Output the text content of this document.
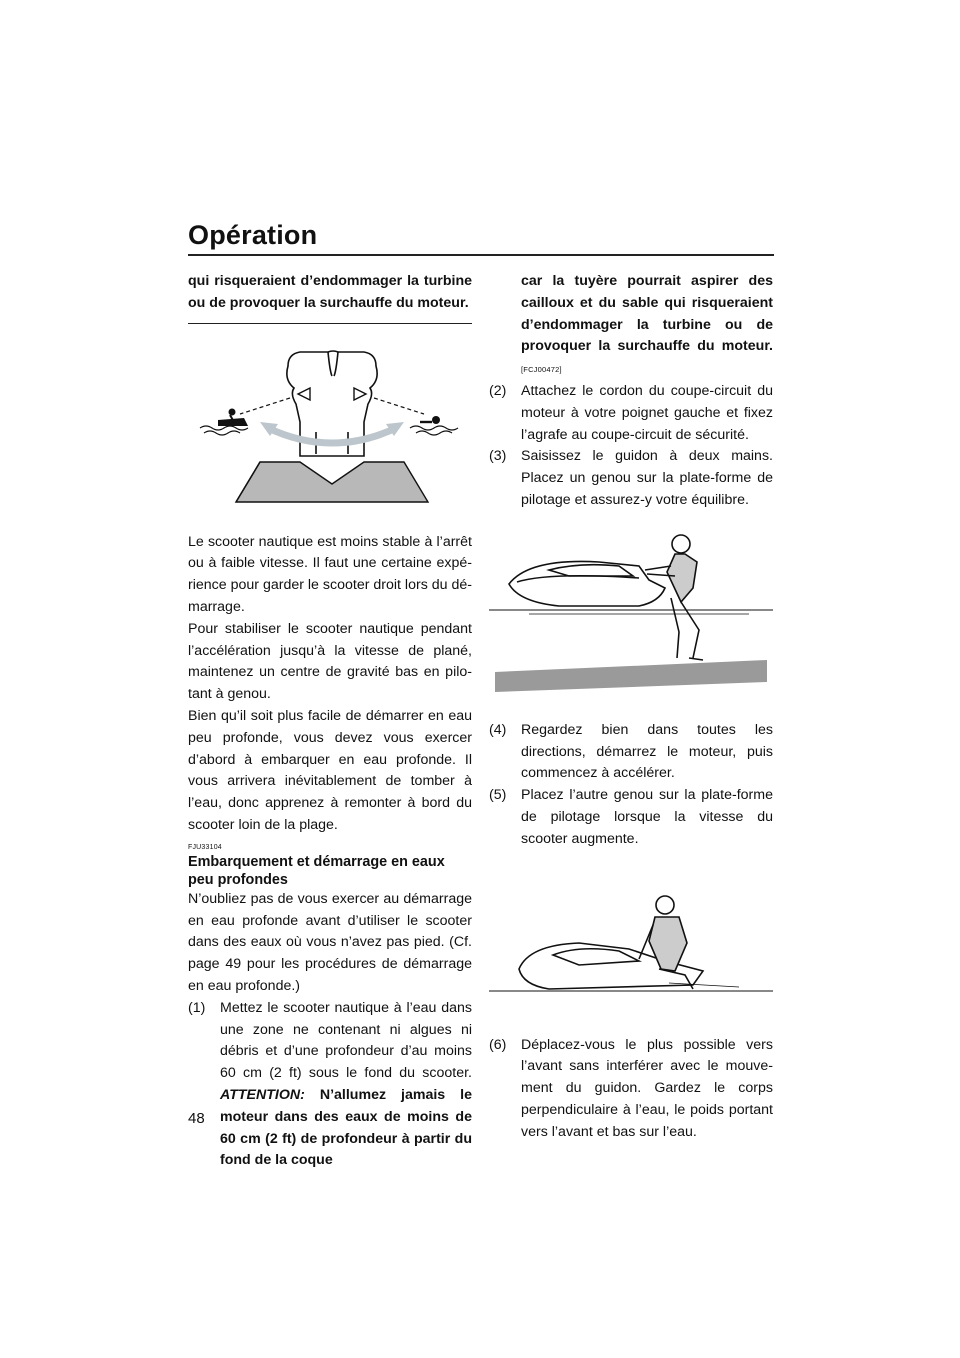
Opération

qui risqueraient d’endommager la turbine ou de provoquer la surchauffe du moteur.

Le scooter nautique est moins stable à l’arrêt ou à faible vitesse. Il faut une certaine expérience pour garder le scooter droit lors du démarrage.

Pour stabiliser le scooter nautique pendant l’accélération jusqu’à la vitesse de plané, maintenez un centre de gravité bas en pilotant à genou.

Bien qu’il soit plus facile de démarrer en eau peu profonde, vous devez vous exercer d’abord à embarquer en eau profonde. Il vous arrivera inévitablement de tomber à l’eau, donc apprenez à remonter à bord du scooter loin de la plage.

FJU33104

Embarquement et démarrage en eaux peu profondes

N’oubliez pas de vous exercer au démarrage en eau profonde avant d’utiliser le scooter dans des eaux où vous n’avez pas pied. (Cf. page 49 pour les procédures de démarrage en eau profonde.)

(1)	Mettez le scooter nautique à l’eau dans une zone ne contenant ni algues ni débris et d’une profondeur d’au moins 60 cm (2 ft) sous le fond du scooter. ATTENTION: N’allumez jamais le moteur dans des eaux de moins de 60 cm (2 ft) de profondeur à partir du fond de la coque
car la tuyère pourrait aspirer des cailloux et du sable qui risqueraient d’endommager la turbine ou de provoquer la surchauffe du moteur. [FCJ00472]
(2)	Attachez le cordon du coupe-circuit du moteur à votre poignet gauche et fixez l’agrafe au coupe-circuit de sécurité.
(3)	Saisissez le guidon à deux mains. Placez un genou sur la plate-forme de pilotage et assurez-y votre équilibre.
(4)	Regardez bien dans toutes les directions, démarrez le moteur, puis commencez à accélérer.
(5)	Placez l’autre genou sur la plate-forme de pilotage lorsque la vitesse du scooter augmente.
(6)	Déplacez-vous le plus possible vers l’avant sans interférer avec le mouvement du guidon. Gardez le corps perpendiculaire à l’eau, le poids portant vers l’avant et bas sur l’eau.
48
